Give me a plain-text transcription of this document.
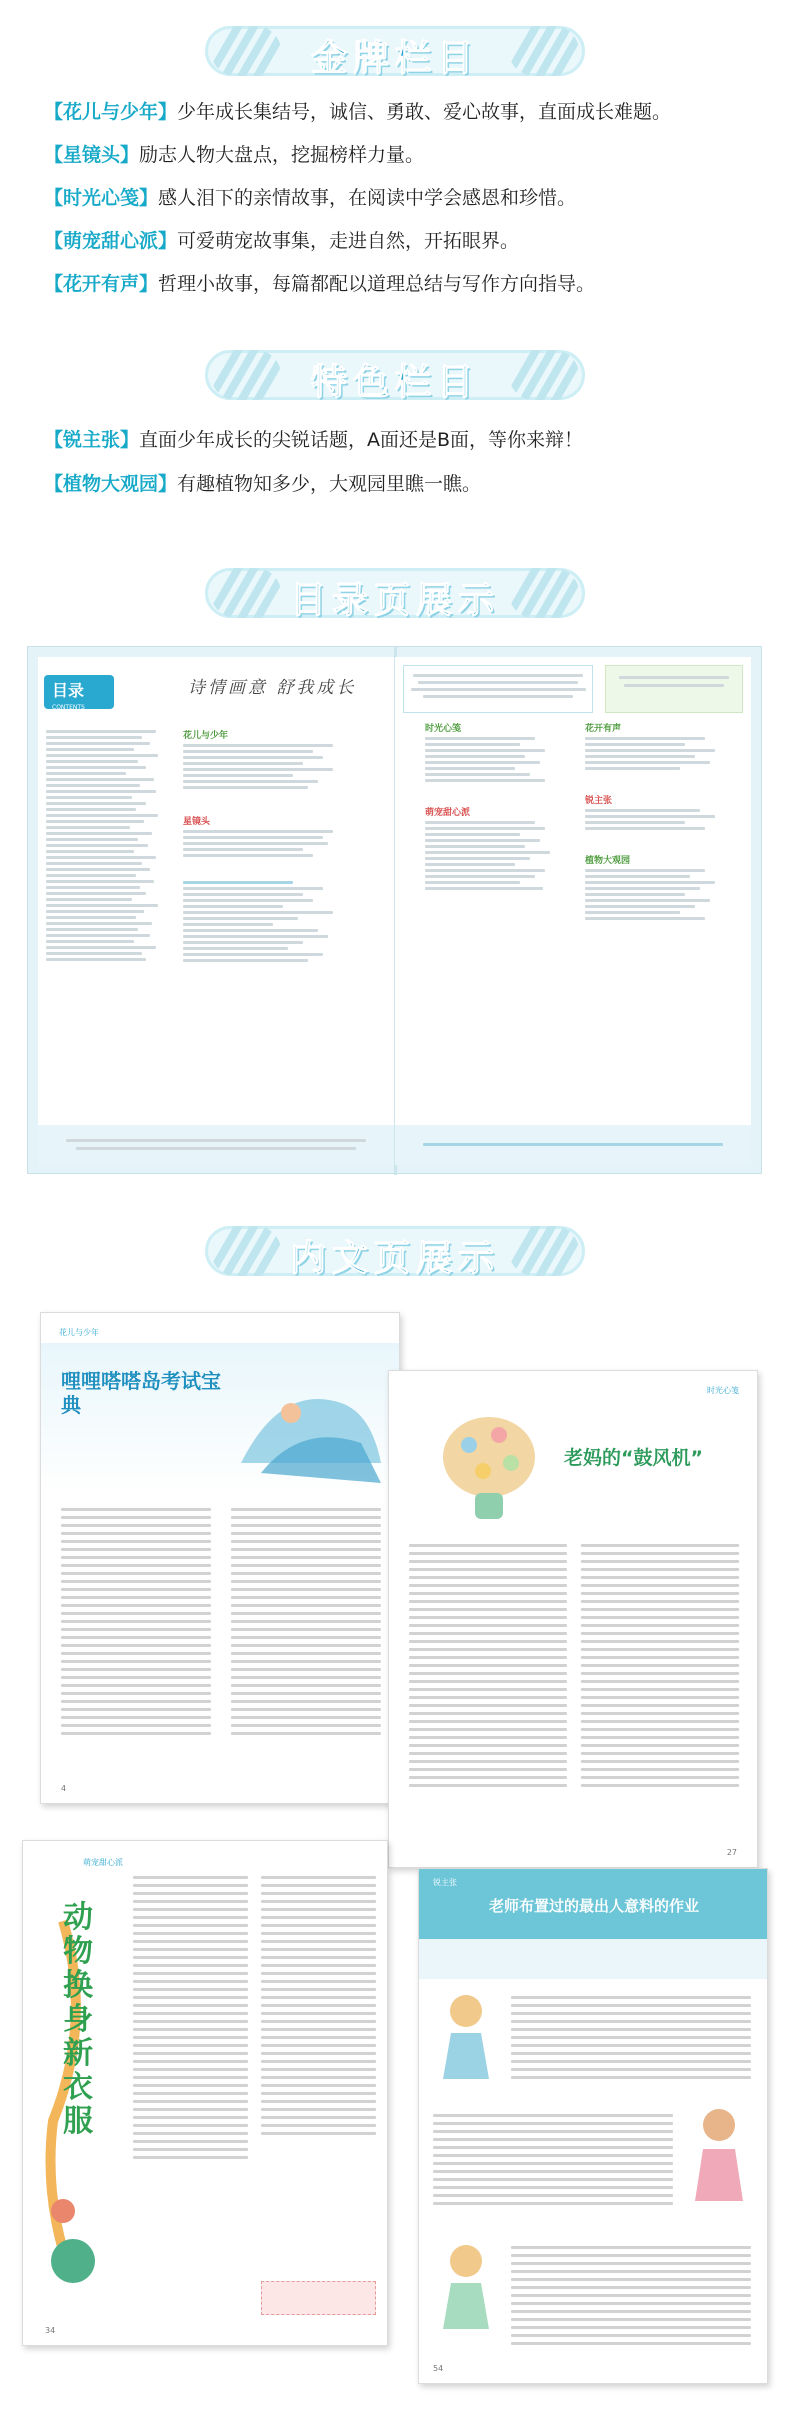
金牌栏目
【花儿与少年】少年成长集结号，诚信、勇敢、爱心故事，直面成长难题。
【星镜头】励志人物大盘点，挖掘榜样力量。
【时光心笺】感人泪下的亲情故事，在阅读中学会感恩和珍惜。
【萌宠甜心派】可爱萌宠故事集，走进自然，开拓眼界。
【花开有声】哲理小故事，每篇都配以道理总结与写作方向指导。
特色栏目
【锐主张】直面少年成长的尖锐话题，A面还是B面，等你来辩！
【植物大观园】有趣植物知多少，大观园里瞧一瞧。
目录页展示
目录
CONTENTS
诗情画意 舒我成长
花儿与少年
星镜头
时光心笺
萌宠甜心派
花开有声
锐主张
植物大观园
内文页展示
花儿与少年
哩哩嗒嗒岛考试宝典
4
时光心笺
老妈的“鼓风机”
27
萌宠甜心派
动物换身新衣服
34
锐主张
老师布置过的最出人意料的作业
54
